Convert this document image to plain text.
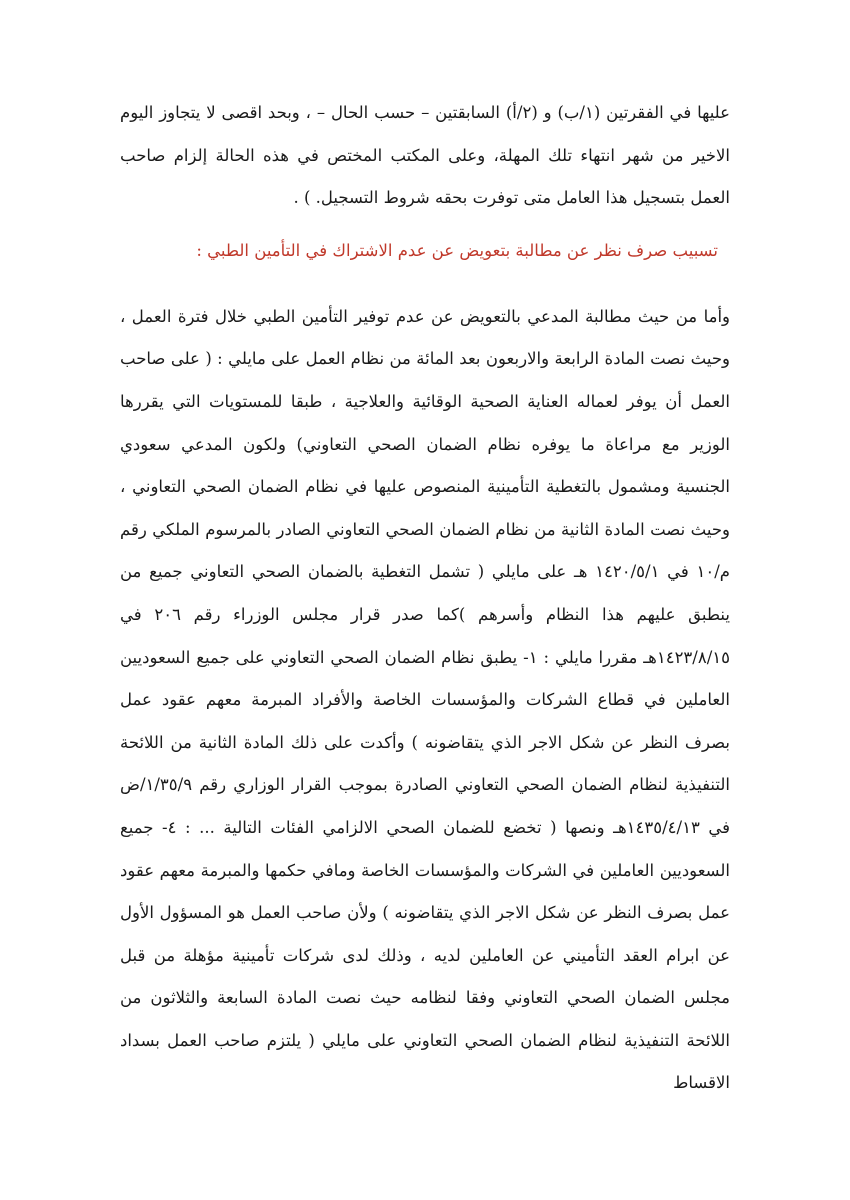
عليها في الفقرتين (١/ب) و (٢/أ) السابقتين – حسب الحال – ، وبحد اقصى لا يتجاوز اليوم الاخير من شهر انتهاء تلك المهلة، وعلى المكتب المختص في هذه الحالة إلزام صاحب العمل بتسجيل هذا العامل متى توفرت بحقه شروط التسجيل. ) .

تسبيب صرف نظر عن مطالبة بتعويض عن عدم الاشتراك في التأمين الطبي :

وأما من حيث مطالبة المدعي بالتعويض عن عدم توفير التأمين الطبي خلال فترة العمل ، وحيث نصت المادة الرابعة والاربعون بعد المائة من نظام العمل على مايلي : ( على صاحب العمل أن يوفر لعماله العناية الصحية الوقائية والعلاجية ، طبقا للمستويات التي يقررها الوزير مع مراعاة ما يوفره نظام الضمان الصحي التعاوني) ولكون المدعي سعودي الجنسية ومشمول بالتغطية التأمينية المنصوص عليها في نظام الضمان الصحي التعاوني ، وحيث نصت المادة الثانية من نظام الضمان الصحي التعاوني الصادر بالمرسوم الملكي رقم م/١٠ في ١٤٢٠/٥/١ هـ على مايلي ( تشمل التغطية بالضمان الصحي التعاوني جميع من ينطبق عليهم هذا النظام وأسرهم )كما صدر قرار مجلس الوزراء رقم ٢٠٦ في ١٤٢٣/٨/١٥هـ مقررا مايلي : ١- يطبق نظام الضمان الصحي التعاوني على جميع السعوديين العاملين في قطاع الشركات والمؤسسات الخاصة والأفراد المبرمة معهم عقود عمل بصرف النظر عن شكل الاجر الذي يتقاضونه ) وأكدت على ذلك المادة الثانية من اللائحة التنفيذية لنظام الضمان الصحي التعاوني الصادرة بموجب القرار الوزاري رقم ١/٣٥/٩/ض في ١٤٣٥/٤/١٣هـ ونصها ( تخضع للضمان الصحي الالزامي الفئات التالية ... : ٤- جميع السعوديين العاملين في الشركات والمؤسسات الخاصة ومافي حكمها والمبرمة معهم عقود عمل بصرف النظر عن شكل الاجر الذي يتقاضونه ) ولأن صاحب العمل هو المسؤول الأول عن ابرام العقد التأميني عن العاملين لديه ، وذلك لدى شركات تأمينية مؤهلة من قبل مجلس الضمان الصحي التعاوني وفقا لنظامه حيث نصت المادة السابعة والثلاثون من اللائحة التنفيذية لنظام الضمان الصحي التعاوني على مايلي ( يلتزم صاحب العمل بسداد الاقساط
